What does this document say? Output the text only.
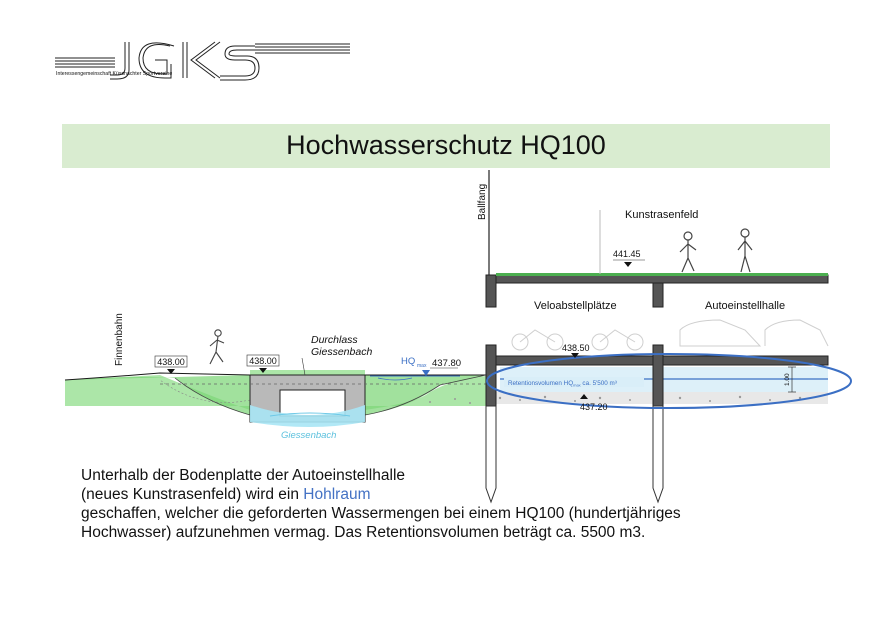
Interessengemeinschaft Küssnachter Sportvereine
Hochwasserschutz HQ100
438.00	438.00
441.45
438.50
437.20
HQ max 437.80
Retentionsvolumen $HQ_{max}$ ca. 5'500 m³	1.00
Finnenbahn
Ballfang	Kunstrasenfeld
Veloabstellplätze	Autoeinstellhalle
Durchlass
Giessenbach
Giessenbach
Unterhalb der Bodenplatte der Autoeinstellhalle
(neues Kunstrasenfeld) wird ein Hohlraum
geschaffen, welcher die geforderten Wassermengen bei einem HQ100 (hundertjähriges
Hochwasser) aufzunehmen vermag. Das Retentionsvolumen beträgt ca. 5500 m3.
